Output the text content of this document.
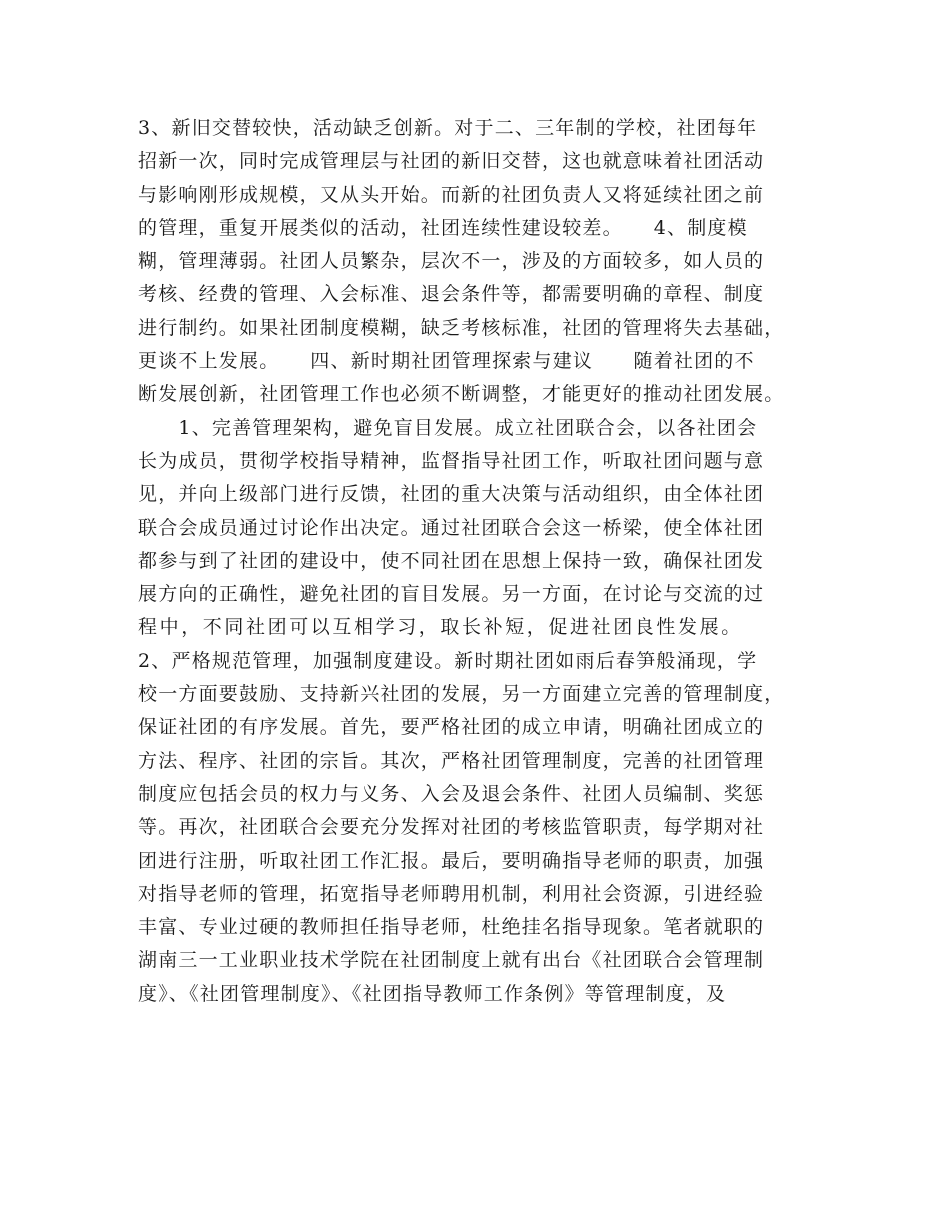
3、新旧交替较快，活动缺乏创新。对于二、三年制的学校，社团每年
招新一次，同时完成管理层与社团的新旧交替，这也就意味着社团活动
与影响刚形成规模，又从头开始。而新的社团负责人又将延续社团之前
的管理，重复开展类似的活动，社团连续性建设较差。　　4、制度模
糊，管理薄弱。社团人员繁杂，层次不一，涉及的方面较多，如人员的
考核、经费的管理、入会标准、退会条件等，都需要明确的章程、制度
进行制约。如果社团制度模糊，缺乏考核标准，社团的管理将失去基础，
更谈不上发展。　　四、新时期社团管理探索与建议　　随着社团的不
断发展创新，社团管理工作也必须不断调整，才能更好的推动社团发展。
　　1、完善管理架构，避免盲目发展。成立社团联合会，以各社团会
长为成员，贯彻学校指导精神，监督指导社团工作，听取社团问题与意
见，并向上级部门进行反馈，社团的重大决策与活动组织，由全体社团
联合会成员通过讨论作出决定。通过社团联合会这一桥梁，使全体社团
都参与到了社团的建设中，使不同社团在思想上保持一致，确保社团发
展方向的正确性，避免社团的盲目发展。另一方面，在讨论与交流的过
程中，不同社团可以互相学习，取长补短，促进社团良性发展。
2、严格规范管理，加强制度建设。新时期社团如雨后春笋般涌现，学
校一方面要鼓励、支持新兴社团的发展，另一方面建立完善的管理制度，
保证社团的有序发展。首先，要严格社团的成立申请，明确社团成立的
方法、程序、社团的宗旨。其次，严格社团管理制度，完善的社团管理
制度应包括会员的权力与义务、入会及退会条件、社团人员编制、奖惩
等。再次，社团联合会要充分发挥对社团的考核监管职责，每学期对社
团进行注册，听取社团工作汇报。最后，要明确指导老师的职责，加强
对指导老师的管理，拓宽指导老师聘用机制，利用社会资源，引进经验
丰富、专业过硬的教师担任指导老师，杜绝挂名指导现象。笔者就职的
湖南三一工业职业技术学院在社团制度上就有出台《社团联合会管理制
度》、《社团管理制度》、《社团指导教师工作条例》等管理制度，及
